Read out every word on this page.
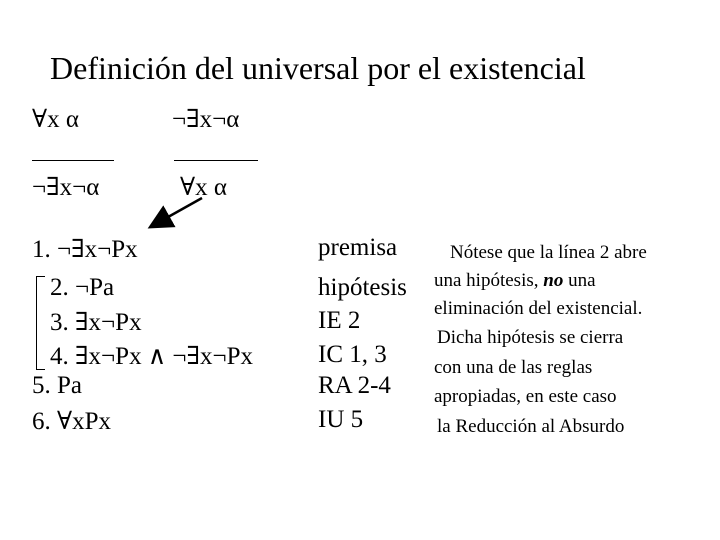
Definición del universal por el existencial
∀x α
¬∃x¬α
¬∃x¬α
∀x α
1. ¬∃x¬Px
2. ¬Pa
3. ∃x¬Px
4. ∃x¬Px ∧ ¬∃x¬Px
5. Pa
6. ∀xPx
premisa
hipótesis
IE 2
IC 1, 3
RA 2-4
IU 5
Nótese que la línea 2 abre
una hipótesis, no una
eliminación del existencial.
Dicha hipótesis se cierra
con una de las reglas
apropiadas, en este caso
la Reducción al Absurdo
